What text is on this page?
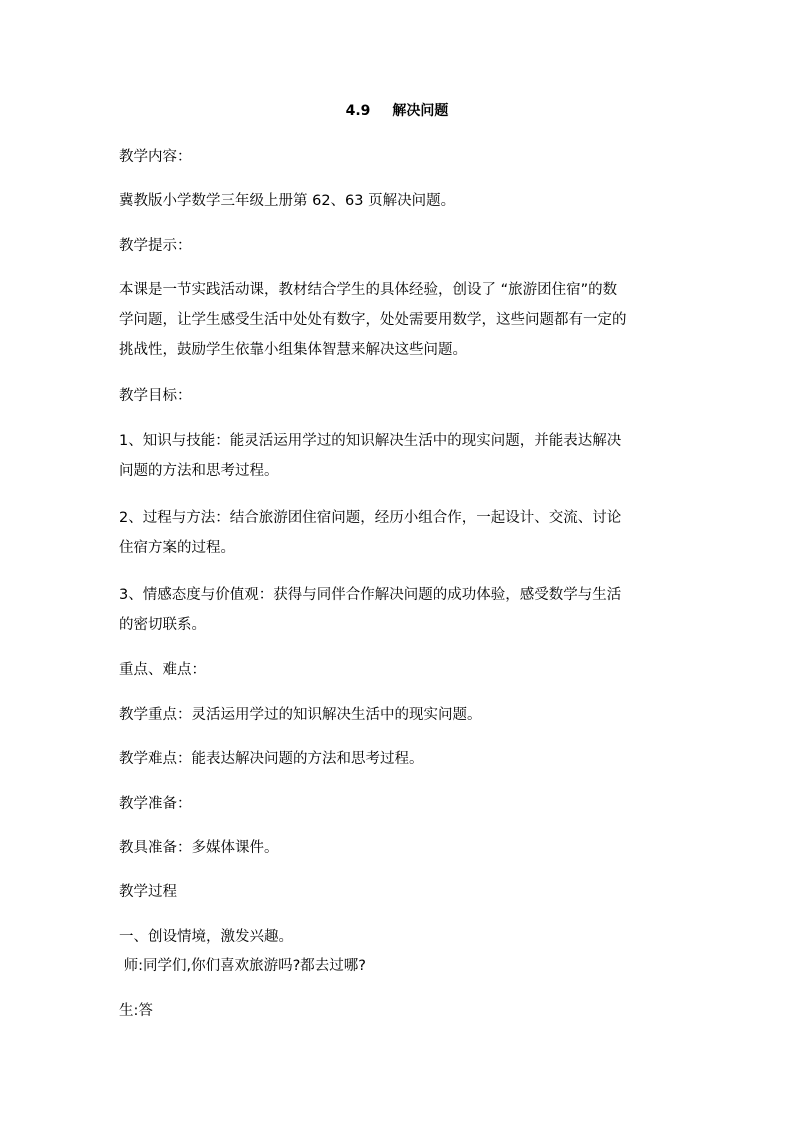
4.9 解决问题

教学内容：

冀教版小学数学三年级上册第 62、63 页解决问题。

教学提示：

本课是一节实践活动课，教材结合学生的具体经验，创设了 “旅游团住宿”的数
学问题，让学生感受生活中处处有数字，处处需要用数学，这些问题都有一定的
挑战性，鼓励学生依靠小组集体智慧来解决这些问题。

教学目标：

1、知识与技能：能灵活运用学过的知识解决生活中的现实问题，并能表达解决
问题的方法和思考过程。
2、过程与方法：结合旅游团住宿问题，经历小组合作，一起设计、交流、讨论
住宿方案的过程。
3、情感态度与价值观：获得与同伴合作解决问题的成功体验，感受数学与生活
的密切联系。

重点、难点：

教学重点：灵活运用学过的知识解决生活中的现实问题。

教学难点：能表达解决问题的方法和思考过程。

教学准备：

教具准备：多媒体课件。

教学过程

一、创设情境，激发兴趣。

师:同学们,你们喜欢旅游吗?都去过哪?

生:答
